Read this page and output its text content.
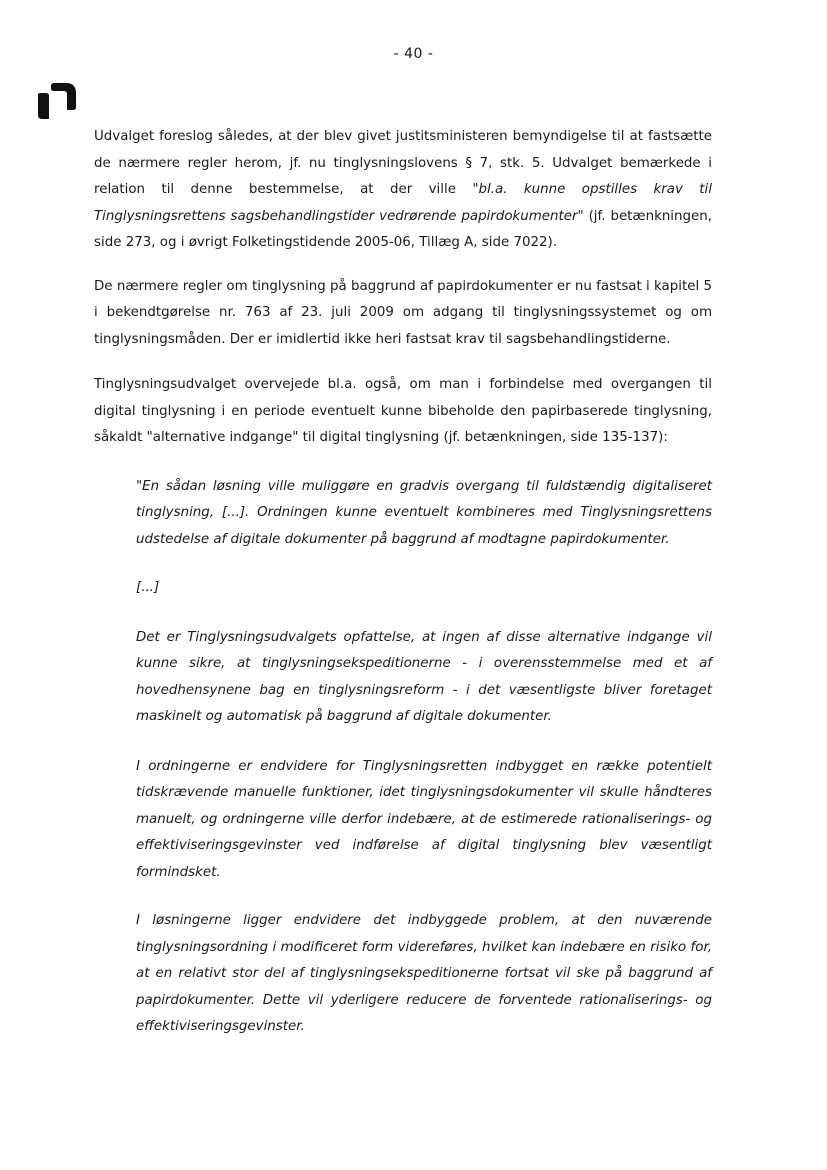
- 40 -

Udvalget foreslog således, at der blev givet justitsministeren bemyndigelse til at fastsætte de nærmere regler herom, jf. nu tinglysningslovens § 7, stk. 5. Udvalget bemærkede i relation til denne bestemmelse, at der ville "bl.a. kunne opstilles krav til Tinglysningsrettens sagsbehandlingstider vedrørende papirdokumenter" (jf. betænkningen, side 273, og i øvrigt Folketingstidende 2005-06, Tillæg A, side 7022).

De nærmere regler om tinglysning på baggrund af papirdokumenter er nu fastsat i kapitel 5 i bekendtgørelse nr. 763 af 23. juli 2009 om adgang til tinglysningssystemet og om tinglysningsmåden. Der er imidlertid ikke heri fastsat krav til sagsbehandlingstiderne.

Tinglysningsudvalget overvejede bl.a. også, om man i forbindelse med overgangen til digital tinglysning i en periode eventuelt kunne bibeholde den papirbaserede tinglysning, såkaldt "alternative indgange" til digital tinglysning (jf. betænkningen, side 135-137):

"En sådan løsning ville muliggøre en gradvis overgang til fuldstændig digitaliseret tinglysning, [...]. Ordningen kunne eventuelt kombineres med Tinglysningsrettens udstedelse af digitale dokumenter på baggrund af modtagne papirdokumenter.

[...]

Det er Tinglysningsudvalgets opfattelse, at ingen af disse alternative indgange vil kunne sikre, at tinglysningsekspeditionerne - i overensstemmelse med et af hovedhensynene bag en tinglysningsreform - i det væsentligste bliver foretaget maskinelt og automatisk på baggrund af digitale dokumenter.

I ordningerne er endvidere for Tinglysningsretten indbygget en række potentielt tidskrævende manuelle funktioner, idet tinglysningsdokumenter vil skulle håndteres manuelt, og ordningerne ville derfor indebære, at de estimerede rationaliserings- og effektiviseringsgevinster ved indførelse af digital tinglysning blev væsentligt formindsket.

I løsningerne ligger endvidere det indbyggede problem, at den nuværende tinglysningsordning i modificeret form videreføres, hvilket kan indebære en risiko for, at en relativt stor del af tinglysningsekspeditionerne fortsat vil ske på baggrund af papirdokumenter. Dette vil yderligere reducere de forventede rationaliserings- og effektiviseringsgevinster.
